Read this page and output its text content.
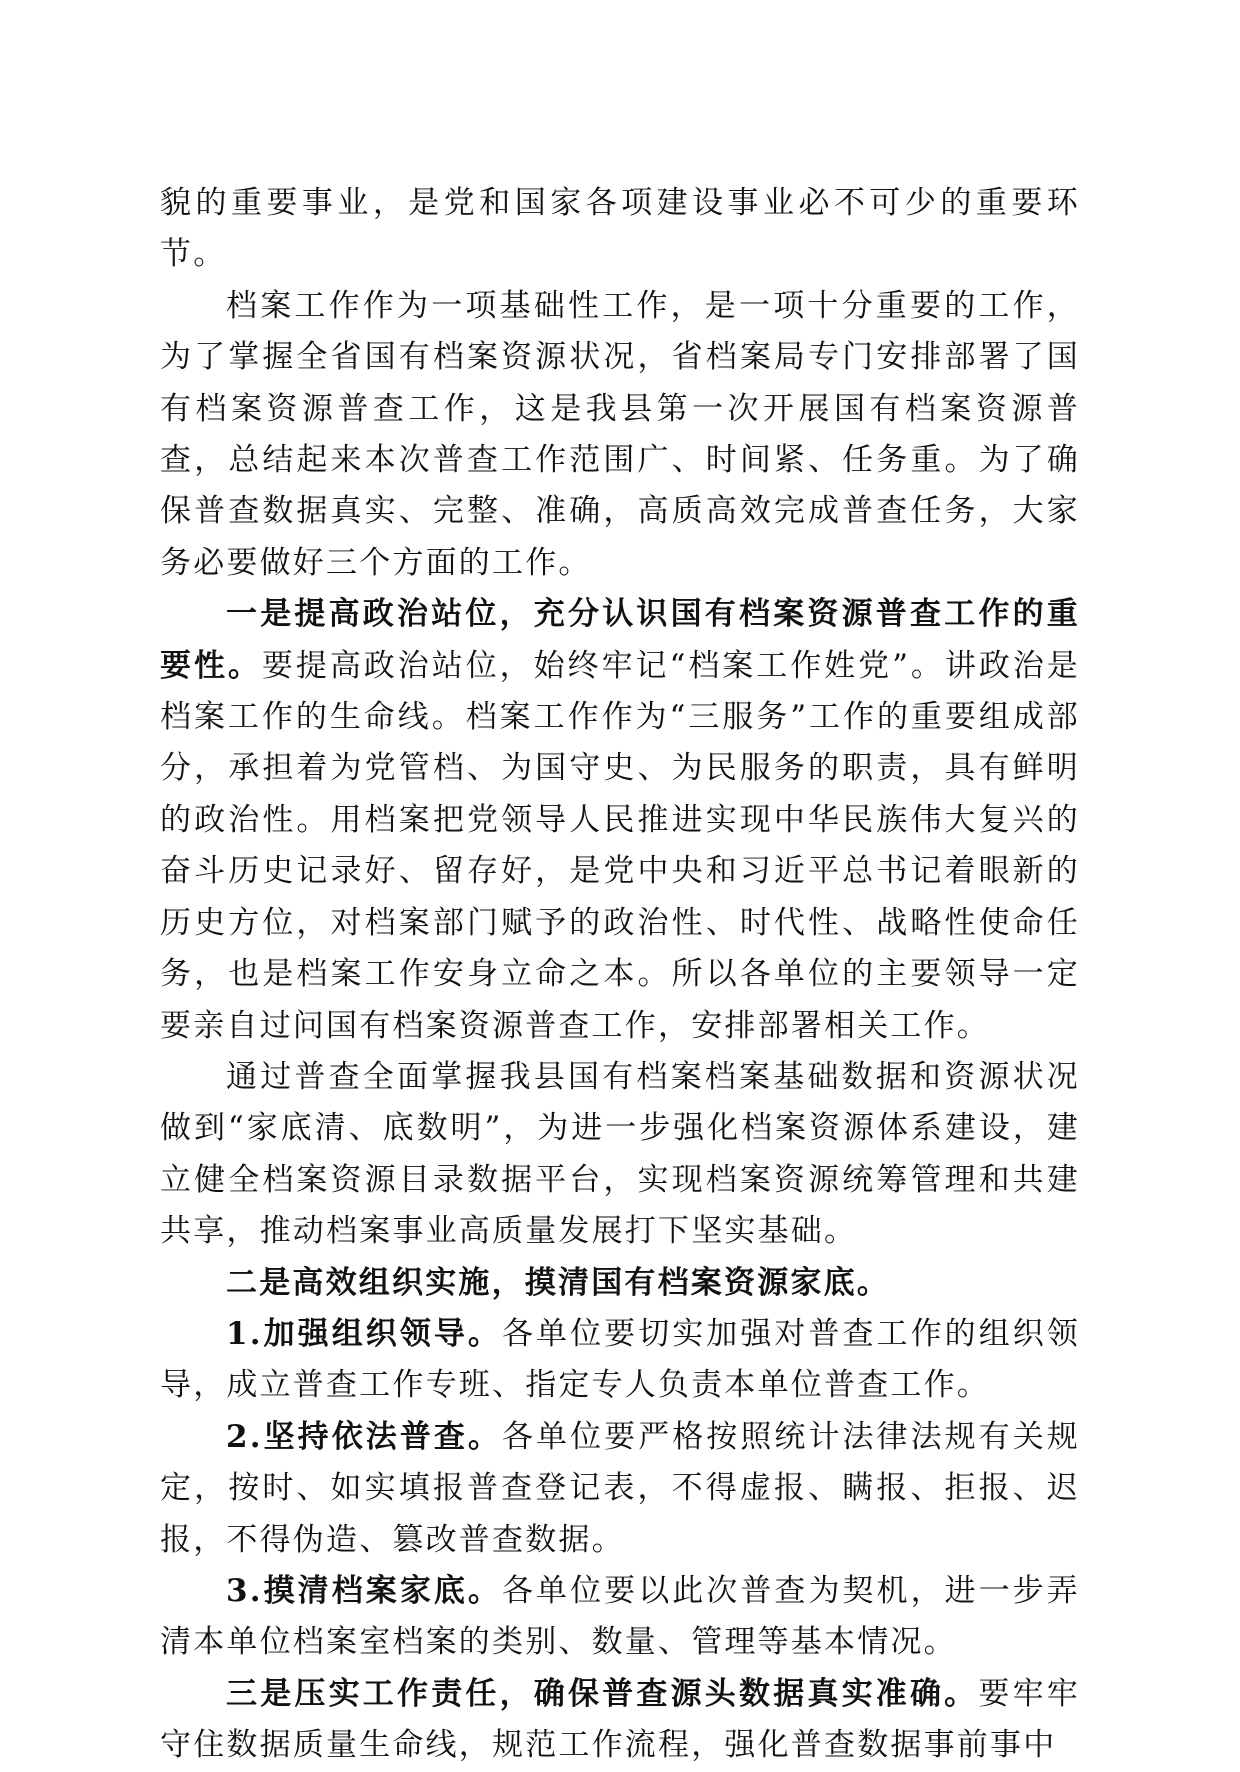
貌的重要事业，是党和国家各项建设事业必不可少的重要环节。

档案工作作为一项基础性工作，是一项十分重要的工作，为了掌握全省国有档案资源状况，省档案局专门安排部署了国有档案资源普查工作，这是我县第一次开展国有档案资源普查，总结起来本次普查工作范围广、时间紧、任务重。为了确保普查数据真实、完整、准确，高质高效完成普查任务，大家务必要做好三个方面的工作。

一是提高政治站位，充分认识国有档案资源普查工作的重要性。要提高政治站位，始终牢记“档案工作姓党”。讲政治是档案工作的生命线。档案工作作为“三服务”工作的重要组成部分，承担着为党管档、为国守史、为民服务的职责，具有鲜明的政治性。用档案把党领导人民推进实现中华民族伟大复兴的奋斗历史记录好、留存好，是党中央和习近平总书记着眼新的历史方位，对档案部门赋予的政治性、时代性、战略性使命任务，也是档案工作安身立命之本。所以各单位的主要领导一定要亲自过问国有档案资源普查工作，安排部署相关工作。

通过普查全面掌握我县国有档案档案基础数据和资源状况做到“家底清、底数明”，为进一步强化档案资源体系建设，建立健全档案资源目录数据平台，实现档案资源统筹管理和共建共享，推动档案事业高质量发展打下坚实基础。

二是高效组织实施，摸清国有档案资源家底。

1.加强组织领导。各单位要切实加强对普查工作的组织领导，成立普查工作专班、指定专人负责本单位普查工作。

2.坚持依法普查。各单位要严格按照统计法律法规有关规定，按时、如实填报普查登记表，不得虚报、瞒报、拒报、迟报，不得伪造、篡改普查数据。

3.摸清档案家底。各单位要以此次普查为契机，进一步弄清本单位档案室档案的类别、数量、管理等基本情况。

三是压实工作责任，确保普查源头数据真实准确。要牢牢守住数据质量生命线，规范工作流程，强化普查数据事前事中
